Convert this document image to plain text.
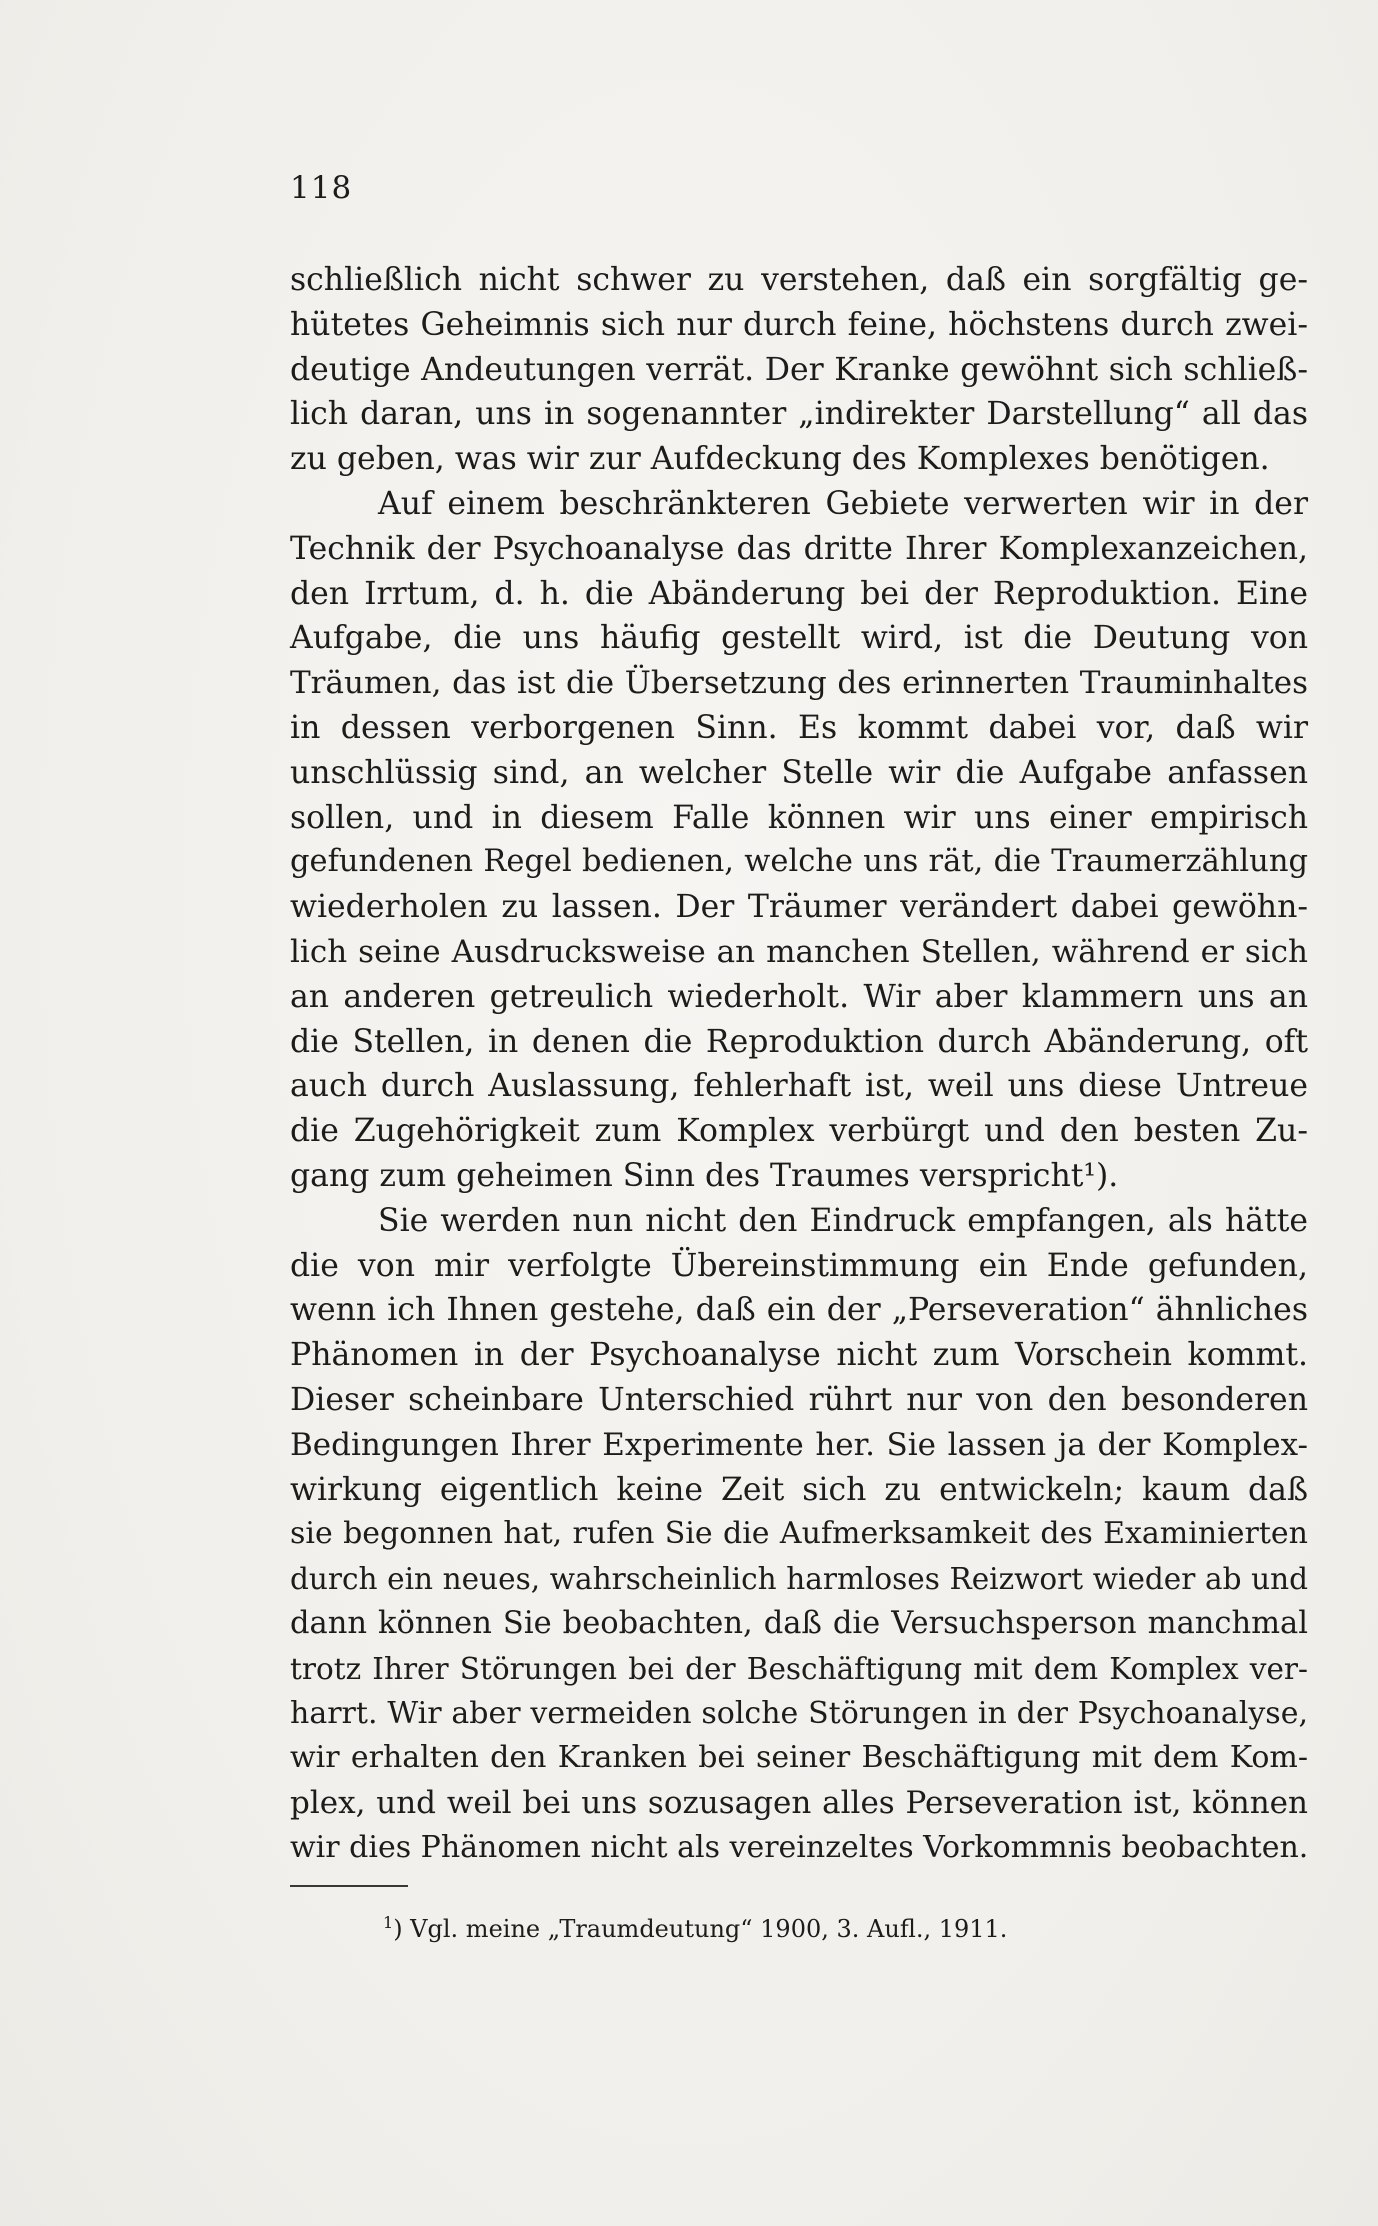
118
schließlich nicht schwer zu verstehen, daß ein sorgfältig ge-
hütetes Geheimnis sich nur durch feine, höchstens durch zwei-
deutige Andeutungen verrät. Der Kranke gewöhnt sich schließ-
lich daran, uns in sogenannter „indirekter Darstellung“ all das
zu geben, was wir zur Aufdeckung des Komplexes benötigen.
Auf einem beschränkteren Gebiete verwerten wir in der
Technik der Psychoanalyse das dritte Ihrer Komplexanzeichen,
den Irrtum, d. h. die Abänderung bei der Reproduktion. Eine
Aufgabe, die uns häufig gestellt wird, ist die Deutung von
Träumen, das ist die Übersetzung des erinnerten Trauminhaltes
in dessen verborgenen Sinn. Es kommt dabei vor, daß wir
unschlüssig sind, an welcher Stelle wir die Aufgabe anfassen
sollen, und in diesem Falle können wir uns einer empirisch
gefundenen Regel bedienen, welche uns rät, die Traumerzählung
wiederholen zu lassen. Der Träumer verändert dabei gewöhn-
lich seine Ausdrucksweise an manchen Stellen, während er sich
an anderen getreulich wiederholt. Wir aber klammern uns an
die Stellen, in denen die Reproduktion durch Abänderung, oft
auch durch Auslassung, fehlerhaft ist, weil uns diese Untreue
die Zugehörigkeit zum Komplex verbürgt und den besten Zu-
gang zum geheimen Sinn des Traumes verspricht¹).
Sie werden nun nicht den Eindruck empfangen, als hätte
die von mir verfolgte Übereinstimmung ein Ende gefunden,
wenn ich Ihnen gestehe, daß ein der „Perseveration“ ähnliches
Phänomen in der Psychoanalyse nicht zum Vorschein kommt.
Dieser scheinbare Unterschied rührt nur von den besonderen
Bedingungen Ihrer Experimente her. Sie lassen ja der Komplex-
wirkung eigentlich keine Zeit sich zu entwickeln; kaum daß
sie begonnen hat, rufen Sie die Aufmerksamkeit des Examinierten
durch ein neues, wahrscheinlich harmloses Reizwort wieder ab und
dann können Sie beobachten, daß die Versuchsperson manchmal
trotz Ihrer Störungen bei der Beschäftigung mit dem Komplex ver-
harrt. Wir aber vermeiden solche Störungen in der Psychoanalyse,
wir erhalten den Kranken bei seiner Beschäftigung mit dem Kom-
plex, und weil bei uns sozusagen alles Perseveration ist, können
wir dies Phänomen nicht als vereinzeltes Vorkommnis beobachten.
$^1$) Vgl. meine „Traumdeutung“ 1900, 3. Aufl., 1911.
